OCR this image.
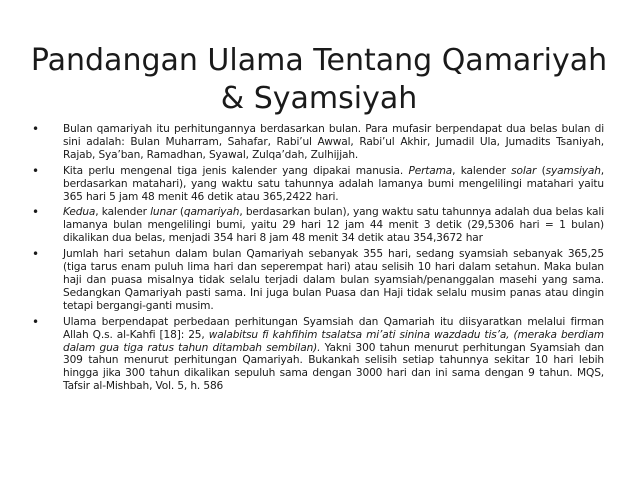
Pandangan Ulama Tentang Qamariyah
& Syamsiyah
•
Bulan qamariyah itu perhitungannya berdasarkan bulan. Para mufasir berpendapat dua belas bulan di sini adalah: Bulan Muharram, Sahafar, Rabi’ul Awwal, Rabi’ul Akhir, Jumadil Ula, Jumadits Tsaniyah, Rajab, Sya’ban, Ramadhan, Syawal, Zulqa’dah, Zulhijjah.
•
Kita perlu mengenal tiga jenis kalender yang dipakai manusia. Pertama, kalender solar (syamsiyah, berdasarkan matahari), yang waktu satu tahunnya adalah lamanya bumi mengelilingi matahari yaitu 365 hari 5 jam 48 menit 46 detik atau 365,2422 hari.
•
Kedua, kalender lunar (qamariyah, berdasarkan bulan), yang waktu satu tahunnya adalah dua belas kali lamanya bulan mengelilingi bumi, yaitu 29 hari 12 jam 44 menit 3 detik (29,5306 hari = 1 bulan) dikalikan dua belas, menjadi 354 hari 8 jam 48 menit 34 detik atau 354,3672 har
•
Jumlah hari setahun dalam bulan Qamariyah sebanyak 355 hari, sedang syamsiah sebanyak 365,25 (tiga tarus enam puluh lima hari dan seperempat hari) atau selisih 10 hari dalam setahun. Maka bulan haji dan puasa misalnya tidak selalu terjadi dalam bulan syamsiah/penanggalan masehi yang sama. Sedangkan Qamariyah pasti sama. Ini juga bulan Puasa dan Haji tidak selalu musim panas atau dingin tetapi bergangi-ganti musim.
•
Ulama berpendapat perbedaan perhitungan Syamsiah dan Qamariah itu diisyaratkan melalui firman Allah Q.s. al-Kahfi [18]: 25, walabitsu fi kahfihim tsalatsa mi’ati sinina wazdadu tis’a, (meraka berdiam dalam gua tiga ratus tahun ditambah sembilan). Yakni 300 tahun menurut perhitungan Syamsiah dan 309 tahun menurut perhitungan Qamariyah. Bukankah selisih setiap tahunnya sekitar 10 hari lebih hingga jika 300 tahun dikalikan sepuluh sama dengan 3000 hari dan ini sama dengan 9 tahun. MQS, Tafsir al-Mishbah, Vol. 5, h. 586
